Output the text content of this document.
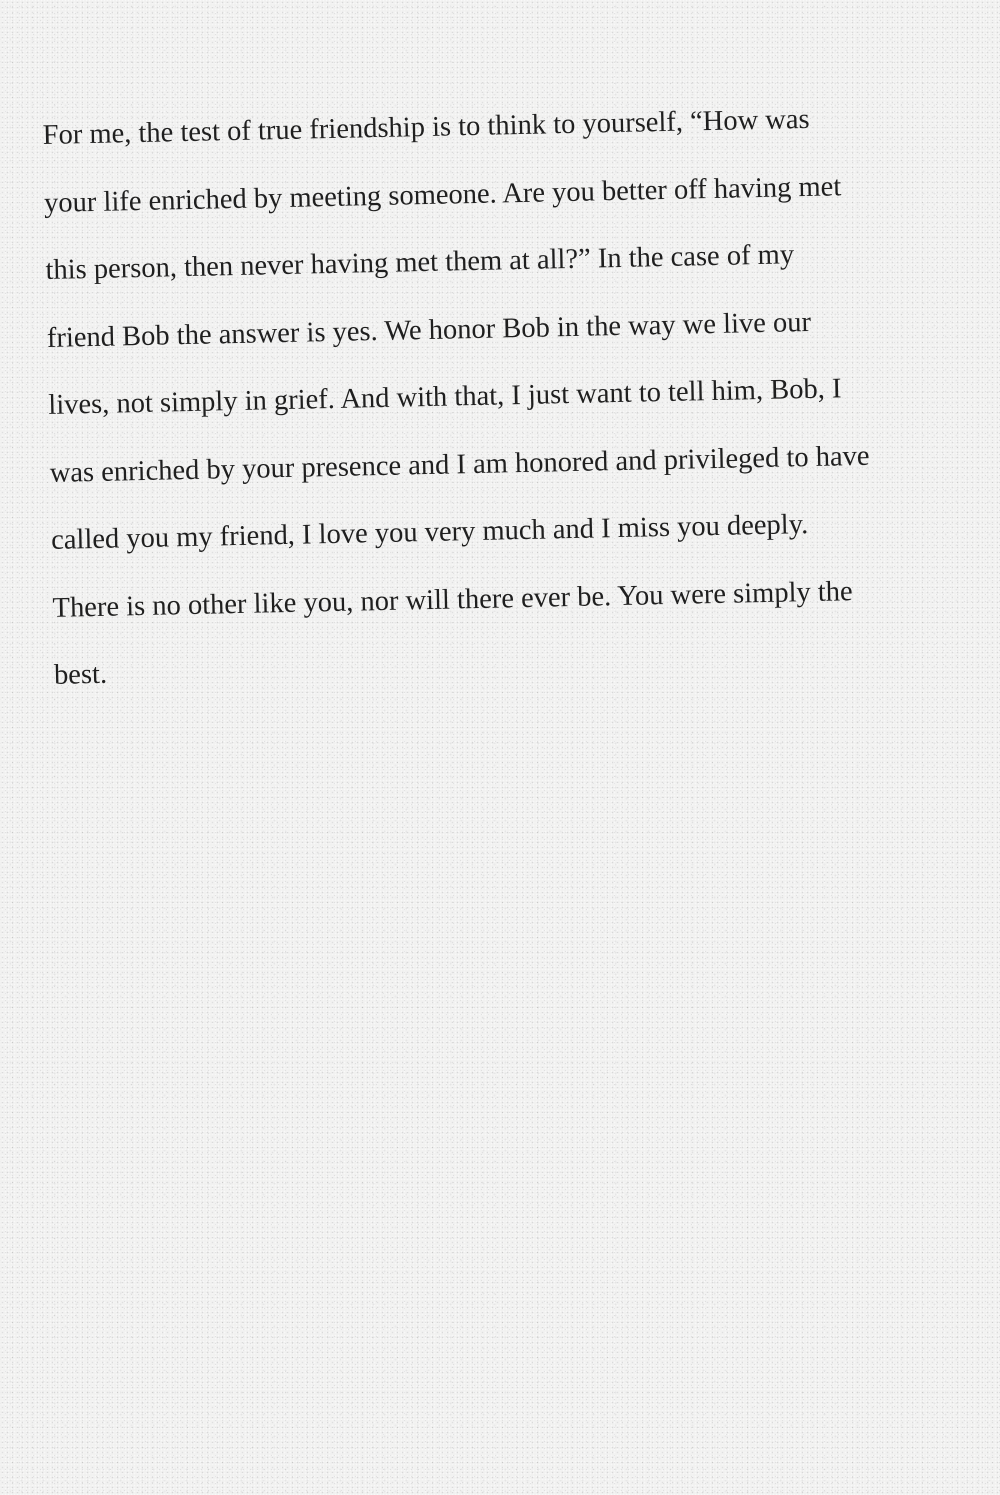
For me, the test of true friendship is to think to yourself, “How was
your life enriched by meeting someone. Are you better off having met
this person, then never having met them at all?” In the case of my
friend Bob the answer is yes. We honor Bob in the way we live our
lives, not simply in grief. And with that, I just want to tell him, Bob, I
was enriched by your presence and I am honored and privileged to have
called you my friend, I love you very much and I miss you deeply.
There is no other like you, nor will there ever be. You were simply the
best.
